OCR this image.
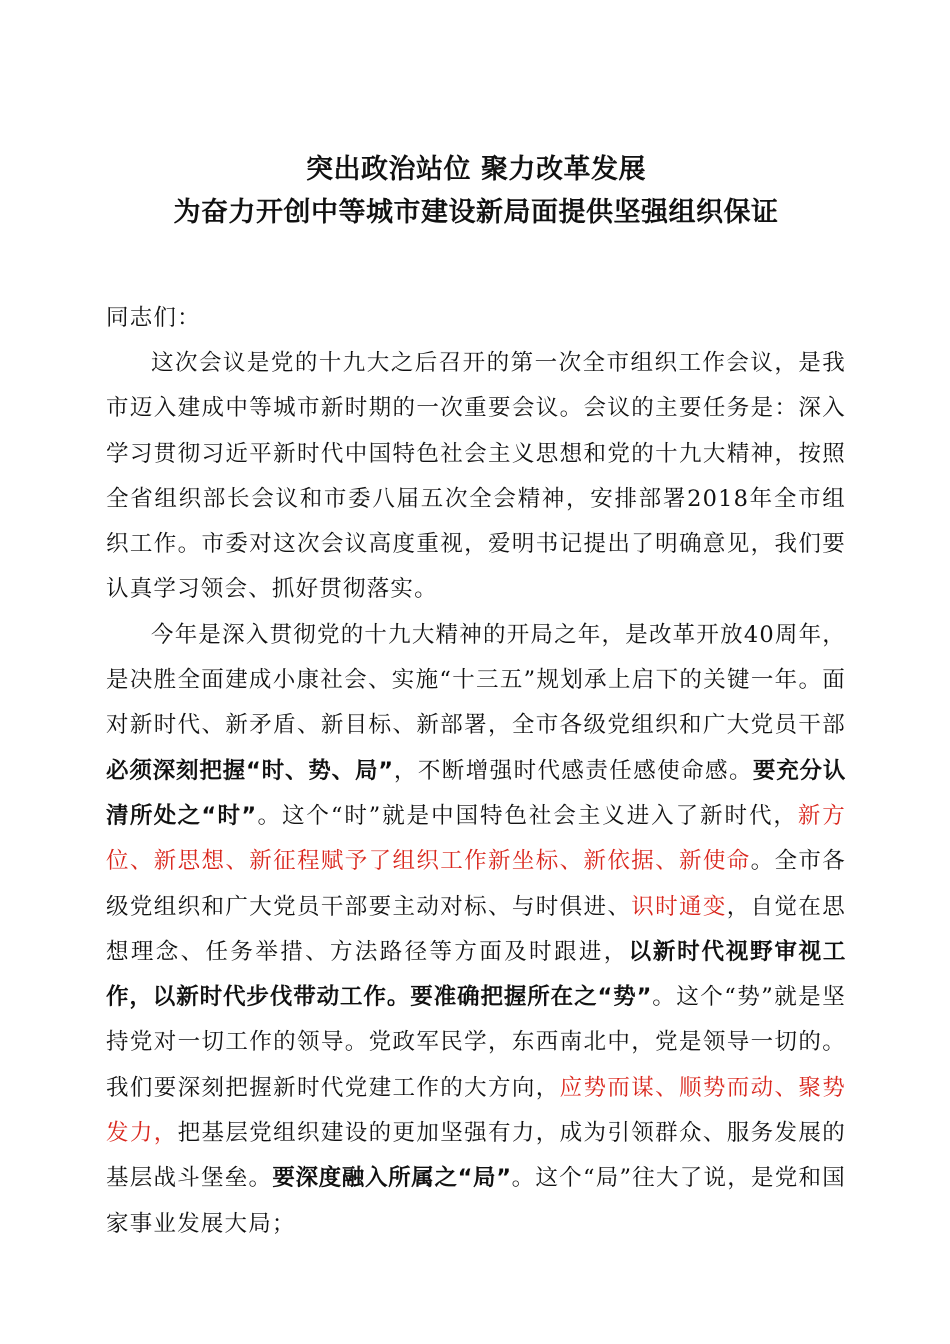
突出政治站位 聚力改革发展
为奋力开创中等城市建设新局面提供坚强组织保证
同志们：

这次会议是党的十九大之后召开的第一次全市组织工作会议，是我市迈入建成中等城市新时期的一次重要会议。会议的主要任务是：深入学习贯彻习近平新时代中国特色社会主义思想和党的十九大精神，按照全省组织部长会议和市委八届五次全会精神，安排部署2018年全市组织工作。市委对这次会议高度重视，爱明书记提出了明确意见，我们要认真学习领会、抓好贯彻落实。

今年是深入贯彻党的十九大精神的开局之年，是改革开放40周年，是决胜全面建成小康社会、实施“十三五”规划承上启下的关键一年。面对新时代、新矛盾、新目标、新部署，全市各级党组织和广大党员干部必须深刻把握“时、势、局”，不断增强时代感责任感使命感。要充分认清所处之“时”。这个“时”就是中国特色社会主义进入了新时代，新方位、新思想、新征程赋予了组织工作新坐标、新依据、新使命。全市各级党组织和广大党员干部要主动对标、与时俱进、识时通变，自觉在思想理念、任务举措、方法路径等方面及时跟进，以新时代视野审视工作，以新时代步伐带动工作。要准确把握所在之“势”。这个“势”就是坚持党对一切工作的领导。党政军民学，东西南北中，党是领导一切的。我们要深刻把握新时代党建工作的大方向，应势而谋、顺势而动、聚势发力，把基层党组织建设的更加坚强有力，成为引领群众、服务发展的基层战斗堡垒。要深度融入所属之“局”。这个“局”往大了说，是党和国家事业发展大局；
